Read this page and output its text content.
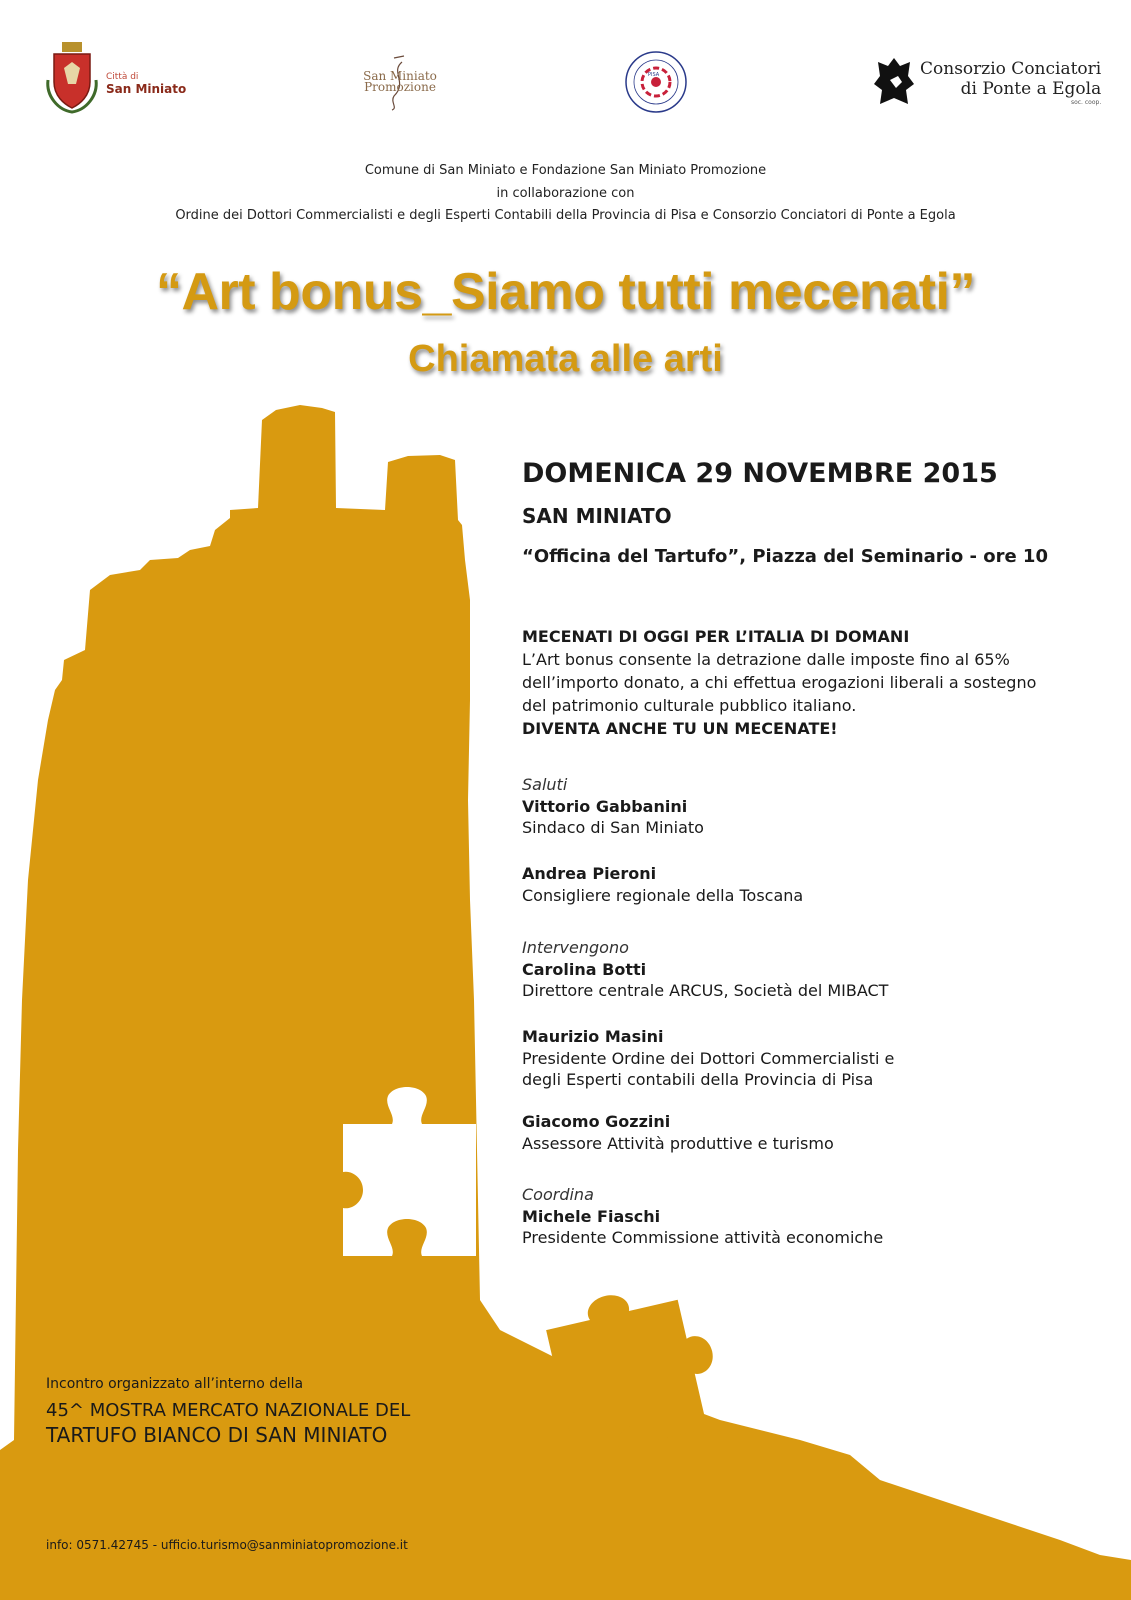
Città di
San Miniato
San Miniato
Promozione
PISA	Consorzio Conciatori
di Ponte a Egola
soc. coop.
Comune di San Miniato e Fondazione San Miniato Promozione
in collaborazione con
Ordine dei Dottori Commercialisti e degli Esperti Contabili della Provincia di Pisa e Consorzio Conciatori di Ponte a Egola
“Art bonus_Siamo tutti mecenati”
Chiamata alle arti
DOMENICA 29 NOVEMBRE 2015
SAN MINIATO
“Officina del Tartufo”, Piazza del Seminario - ore 10
MECENATI DI OGGI PER L’ITALIA DI DOMANI
L’Art bonus consente la detrazione dalle imposte fino al 65%
dell’importo donato, a chi effettua erogazioni liberali a sostegno
del patrimonio culturale pubblico italiano.
DIVENTA ANCHE TU UN MECENATE!
Saluti
Vittorio Gabbanini
Sindaco di San Miniato
Andrea Pieroni
Consigliere regionale della Toscana
Intervengono
Carolina Botti
Direttore centrale ARCUS, Società del MIBACT
Maurizio Masini
Presidente Ordine dei Dottori Commercialisti e
degli Esperti contabili della Provincia di Pisa
Giacomo Gozzini
Assessore Attività produttive e turismo
Coordina
Michele Fiaschi
Presidente Commissione attività economiche
Incontro organizzato all’interno della
45^ MOSTRA MERCATO NAZIONALE DEL
TARTUFO BIANCO DI SAN MINIATO
info: 0571.42745 - ufficio.turismo@sanminiatopromozione.it
